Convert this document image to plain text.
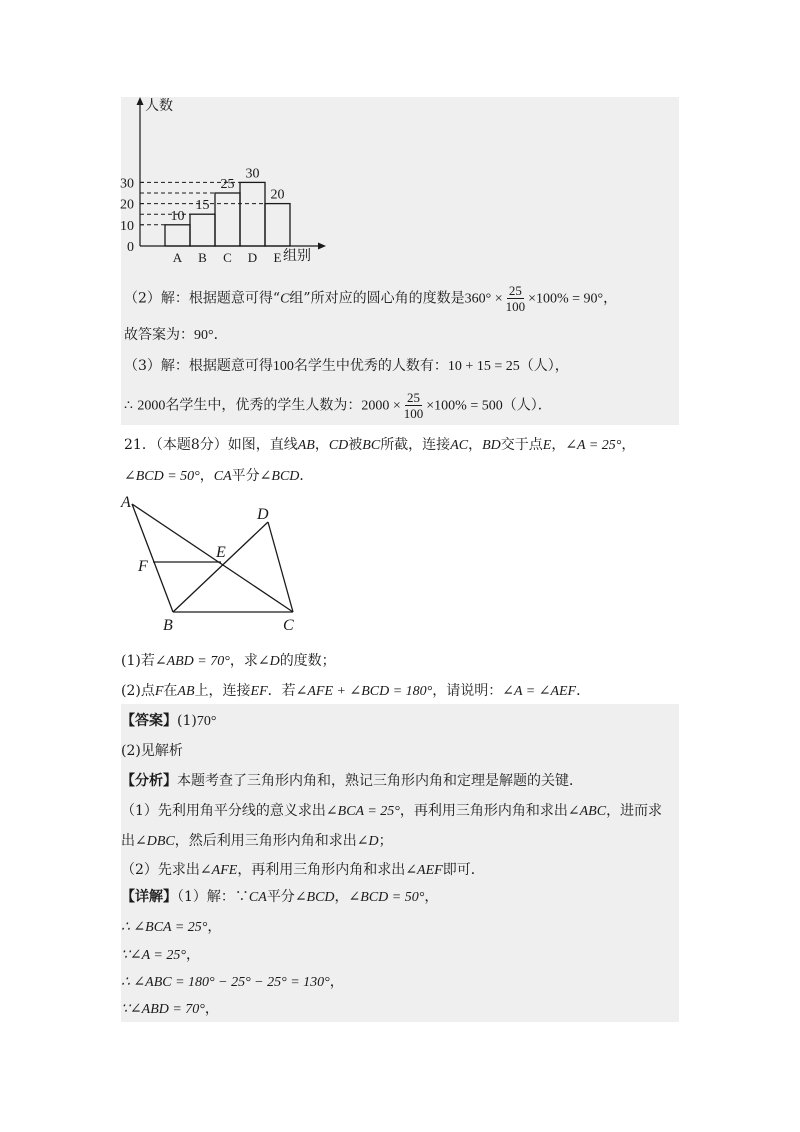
0
10
20
30
10
A
15
B
25
C
30
D
20
E
人数
组别
（2）解：根据题意可得“C组”所对应的圆心角的度数是$360^\circ \times \frac{25}{100} \times 100\% = 90^\circ$，
故答案为：90°．
（3）解：根据题意可得100名学生中优秀的人数有：10 + 15 = 25（人），
∴ 2000名学生中，优秀的学生人数为：$2000 \times \frac{25}{100} \times 100\% = 500$（人）．
21．（本题8分）如图，直线AB，CD被BC所截，连接AC，BD交于点E，∠A = 25°，
∠BCD = 50°，CA平分∠BCD．
A
D
E
F
B	C
(1)若∠ABD = 70°，求∠D的度数；
(2)点F在AB上，连接EF．若∠AFE + ∠BCD = 180°，请说明：∠A = ∠AEF．
【答案】(1)70°
(2)见解析
【分析】本题考查了三角形内角和，熟记三角形内角和定理是解题的关键．
（1）先利用角平分线的意义求出∠BCA = 25°，再利用三角形内角和求出∠ABC，进而求
出∠DBC，然后利用三角形内角和求出∠D；
（2）先求出∠AFE，再利用三角形内角和求出∠AEF即可．
【详解】（1）解：∵CA平分∠BCD，∠BCD = 50°，
∴ ∠BCA = 25°，
∵∠A = 25°，
∴ ∠ABC = 180° − 25° − 25° = 130°，
∵∠ABD = 70°，
